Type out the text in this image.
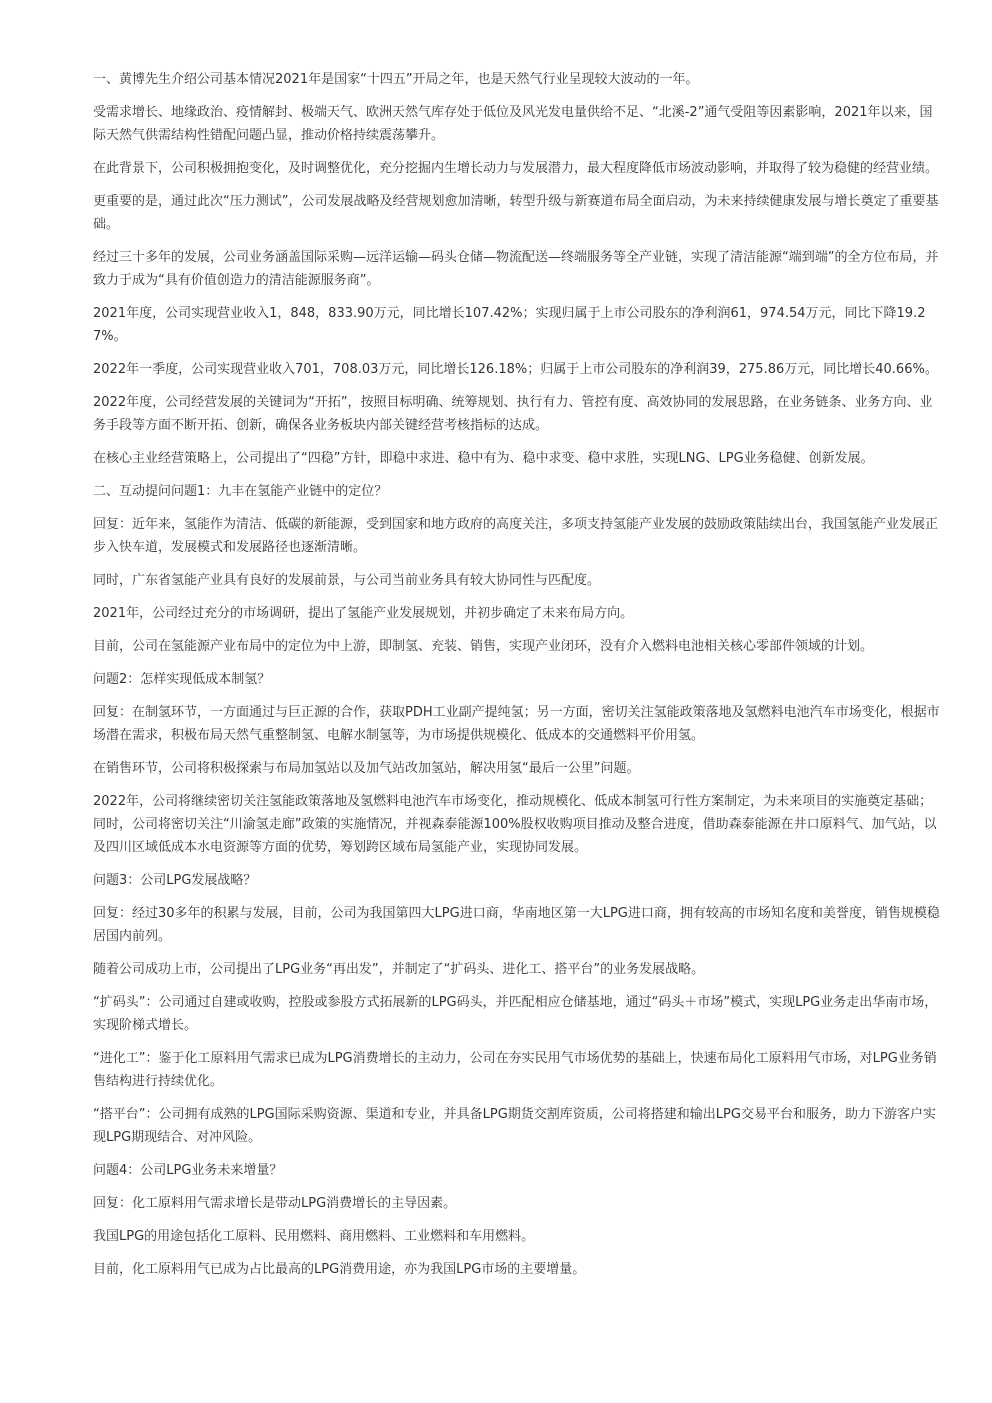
一、黄博先生介绍公司基本情况2021年是国家“十四五”开局之年，也是天然气行业呈现较大波动的一年。

受需求增长、地缘政治、疫情解封、极端天气、欧洲天然气库存处于低位及风光发电量供给不足、“北溪-2”通气受阻等因素影响，2021年以来，国际天然气供需结构性错配问题凸显，推动价格持续震荡攀升。

在此背景下，公司积极拥抱变化，及时调整优化，充分挖掘内生增长动力与发展潜力，最大程度降低市场波动影响，并取得了较为稳健的经营业绩。

更重要的是，通过此次“压力测试”，公司发展战略及经营规划愈加清晰，转型升级与新赛道布局全面启动，为未来持续健康发展与增长奠定了重要基础。

经过三十多年的发展，公司业务涵盖国际采购—远洋运输—码头仓储—物流配送—终端服务等全产业链，实现了清洁能源“端到端”的全方位布局，并致力于成为“具有价值创造力的清洁能源服务商”。

2021年度，公司实现营业收入1，848，833.90万元，同比增长107.42%；实现归属于上市公司股东的净利润61，974.54万元，同比下降19.27%。

2022年一季度，公司实现营业收入701，708.03万元，同比增长126.18%；归属于上市公司股东的净利润39，275.86万元，同比增长40.66%。

2022年度，公司经营发展的关键词为“开拓”，按照目标明确、统筹规划、执行有力、管控有度、高效协同的发展思路，在业务链条、业务方向、业务手段等方面不断开拓、创新，确保各业务板块内部关键经营考核指标的达成。

在核心主业经营策略上，公司提出了“四稳”方针，即稳中求进、稳中有为、稳中求变、稳中求胜，实现LNG、LPG业务稳健、创新发展。

二、互动提问问题1：九丰在氢能产业链中的定位？

回复：近年来，氢能作为清洁、低碳的新能源，受到国家和地方政府的高度关注，多项支持氢能产业发展的鼓励政策陆续出台，我国氢能产业发展正步入快车道，发展模式和发展路径也逐渐清晰。

同时，广东省氢能产业具有良好的发展前景，与公司当前业务具有较大协同性与匹配度。

2021年，公司经过充分的市场调研，提出了氢能产业发展规划，并初步确定了未来布局方向。

目前，公司在氢能源产业布局中的定位为中上游，即制氢、充装、销售，实现产业闭环，没有介入燃料电池相关核心零部件领域的计划。

问题2：怎样实现低成本制氢？

回复：在制氢环节，一方面通过与巨正源的合作，获取PDH工业副产提纯氢；另一方面，密切关注氢能政策落地及氢燃料电池汽车市场变化，根据市场潜在需求，积极布局天然气重整制氢、电解水制氢等，为市场提供规模化、低成本的交通燃料平价用氢。

在销售环节，公司将积极探索与布局加氢站以及加气站改加氢站，解决用氢“最后一公里”问题。

2022年，公司将继续密切关注氢能政策落地及氢燃料电池汽车市场变化，推动规模化、低成本制氢可行性方案制定，为未来项目的实施奠定基础；同时，公司将密切关注“川渝氢走廊”政策的实施情况，并视森泰能源100%股权收购项目推动及整合进度，借助森泰能源在井口原料气、加气站，以及四川区域低成本水电资源等方面的优势，筹划跨区域布局氢能产业，实现协同发展。

问题3：公司LPG发展战略？

回复：经过30多年的积累与发展，目前，公司为我国第四大LPG进口商，华南地区第一大LPG进口商，拥有较高的市场知名度和美誉度，销售规模稳居国内前列。

随着公司成功上市，公司提出了LPG业务“再出发”，并制定了“扩码头、进化工、搭平台”的业务发展战略。

“扩码头”：公司通过自建或收购，控股或参股方式拓展新的LPG码头，并匹配相应仓储基地，通过“码头＋市场”模式，实现LPG业务走出华南市场，实现阶梯式增长。

“进化工”：鉴于化工原料用气需求已成为LPG消费增长的主动力，公司在夯实民用气市场优势的基础上，快速布局化工原料用气市场，对LPG业务销售结构进行持续优化。

“搭平台”：公司拥有成熟的LPG国际采购资源、渠道和专业，并具备LPG期货交割库资质，公司将搭建和输出LPG交易平台和服务，助力下游客户实现LPG期现结合、对冲风险。

问题4：公司LPG业务未来增量？

回复：化工原料用气需求增长是带动LPG消费增长的主导因素。

我国LPG的用途包括化工原料、民用燃料、商用燃料、工业燃料和车用燃料。

目前，化工原料用气已成为占比最高的LPG消费用途，亦为我国LPG市场的主要增量。
